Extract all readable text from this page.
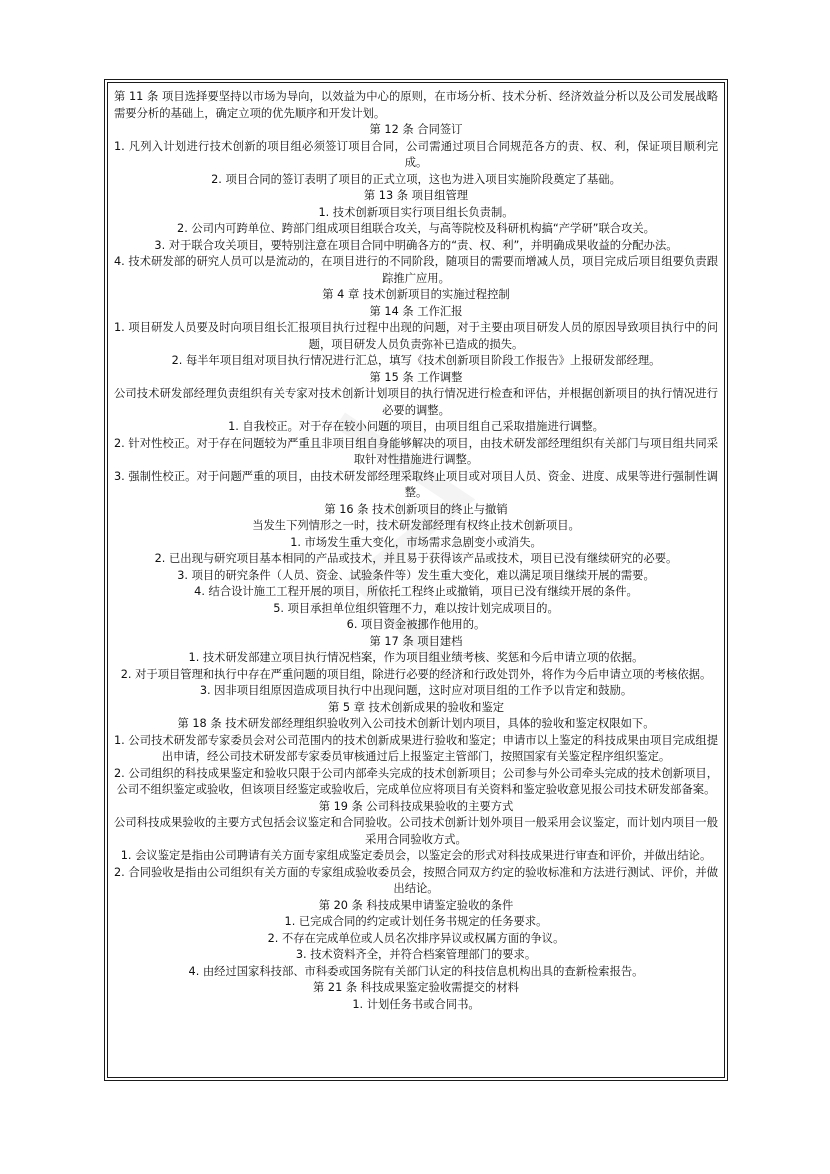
第 11 条 项目选择要坚持以市场为导向，以效益为中心的原则，在市场分析、技术分析、经济效益分析以及公司发展战略需要分析的基础上，确定立项的优先顺序和开发计划。

第 12 条 合同签订

1. 凡列入计划进行技术创新的项目组必须签订项目合同，公司需通过项目合同规范各方的责、权、利，保证项目顺利完成。

2. 项目合同的签订表明了项目的正式立项，这也为进入项目实施阶段奠定了基础。

第 13 条 项目组管理

1. 技术创新项目实行项目组长负责制。

2. 公司内可跨单位、跨部门组成项目组联合攻关，与高等院校及科研机构搞“产学研”联合攻关。

3. 对于联合攻关项目，要特别注意在项目合同中明确各方的“责、权、利”，并明确成果收益的分配办法。

4. 技术研发部的研究人员可以是流动的，在项目进行的不同阶段，随项目的需要而增减人员，项目完成后项目组要负责跟踪推广应用。

第 4 章 技术创新项目的实施过程控制

第 14 条 工作汇报

1. 项目研发人员要及时向项目组长汇报项目执行过程中出现的问题，对于主要由项目研发人员的原因导致项目执行中的问题，项目研发人员负责弥补已造成的损失。

2. 每半年项目组对项目执行情况进行汇总，填写《技术创新项目阶段工作报告》上报研发部经理。

第 15 条 工作调整

公司技术研发部经理负责组织有关专家对技术创新计划项目的执行情况进行检查和评估，并根据创新项目的执行情况进行必要的调整。

1. 自我校正。对于存在较小问题的项目，由项目组自己采取措施进行调整。

2. 针对性校正。对于存在问题较为严重且非项目组自身能够解决的项目，由技术研发部经理组织有关部门与项目组共同采取针对性措施进行调整。

3. 强制性校正。对于问题严重的项目，由技术研发部经理采取终止项目或对项目人员、资金、进度、成果等进行强制性调整。

第 16 条 技术创新项目的终止与撤销

当发生下列情形之一时，技术研发部经理有权终止技术创新项目。

1. 市场发生重大变化，市场需求急剧变小或消失。

2. 已出现与研究项目基本相同的产品或技术，并且易于获得该产品或技术，项目已没有继续研究的必要。

3. 项目的研究条件（人员、资金、试验条件等）发生重大变化，难以满足项目继续开展的需要。

4. 结合设计施工工程开展的项目，所依托工程终止或撤销，项目已没有继续开展的条件。

5. 项目承担单位组织管理不力，难以按计划完成项目的。

6. 项目资金被挪作他用的。

第 17 条 项目建档

1. 技术研发部建立项目执行情况档案，作为项目组业绩考核、奖惩和今后申请立项的依据。

2. 对于项目管理和执行中存在严重问题的项目组，除进行必要的经济和行政处罚外，将作为今后申请立项的考核依据。

3. 因非项目组原因造成项目执行中出现问题，这时应对项目组的工作予以肯定和鼓励。

第 5 章 技术创新成果的验收和鉴定

第 18 条 技术研发部经理组织验收列入公司技术创新计划内项目，具体的验收和鉴定权限如下。

1. 公司技术研发部专家委员会对公司范围内的技术创新成果进行验收和鉴定；申请市以上鉴定的科技成果由项目完成组提出申请，经公司技术研发部专家委员审核通过后上报鉴定主管部门，按照国家有关鉴定程序组织鉴定。

2. 公司组织的科技成果鉴定和验收只限于公司内部牵头完成的技术创新项目；公司参与外公司牵头完成的技术创新项目，公司不组织鉴定或验收，但该项目经鉴定或验收后，完成单位应将项目有关资料和鉴定验收意见报公司技术研发部备案。

第 19 条 公司科技成果验收的主要方式

公司科技成果验收的主要方式包括会议鉴定和合同验收。公司技术创新计划外项目一般采用会议鉴定，而计划内项目一般采用合同验收方式。

1. 会议鉴定是指由公司聘请有关方面专家组成鉴定委员会，以鉴定会的形式对科技成果进行审查和评价，并做出结论。

2. 合同验收是指由公司组织有关方面的专家组成验收委员会，按照合同双方约定的验收标准和方法进行测试、评价，并做出结论。

第 20 条 科技成果申请鉴定验收的条件

1. 已完成合同的约定或计划任务书规定的任务要求。

2. 不存在完成单位或人员名次排序异议或权属方面的争议。

3. 技术资料齐全，并符合档案管理部门的要求。

4. 由经过国家科技部、市科委或国务院有关部门认定的科技信息机构出具的查新检索报告。

第 21 条 科技成果鉴定验收需提交的材料

1. 计划任务书或合同书。
